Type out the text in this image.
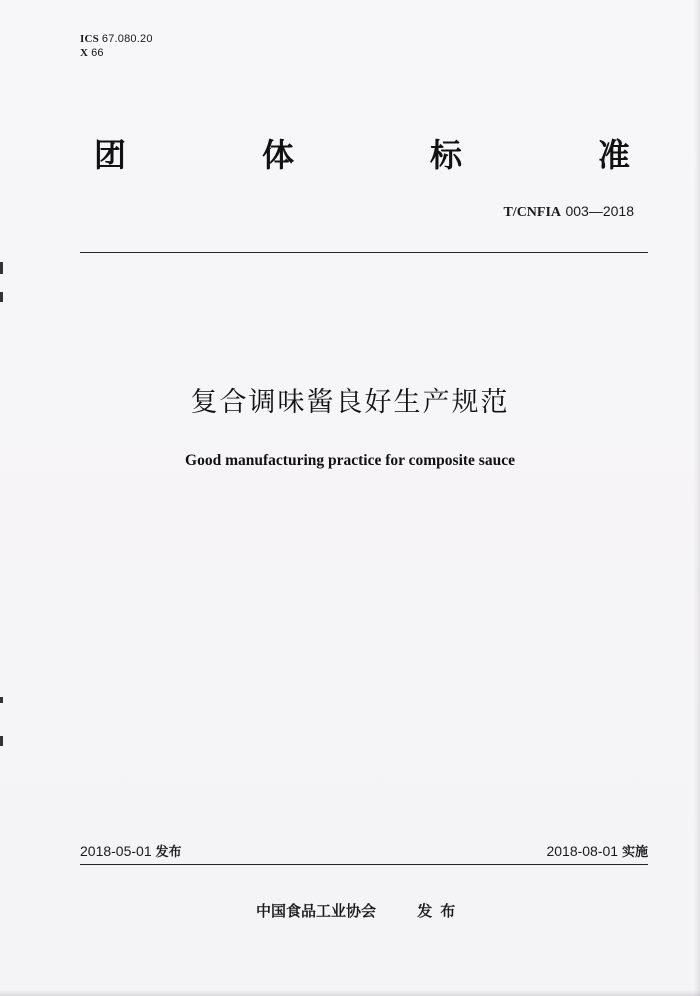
ICS 67.080.20
X 66
团	体	标	准
T/CNFIA 003—2018
复合调味酱良好生产规范
Good manufacturing practice for composite sauce
2018-05-01 发布	2018-08-01 实施
中国食品工业协会	发布
